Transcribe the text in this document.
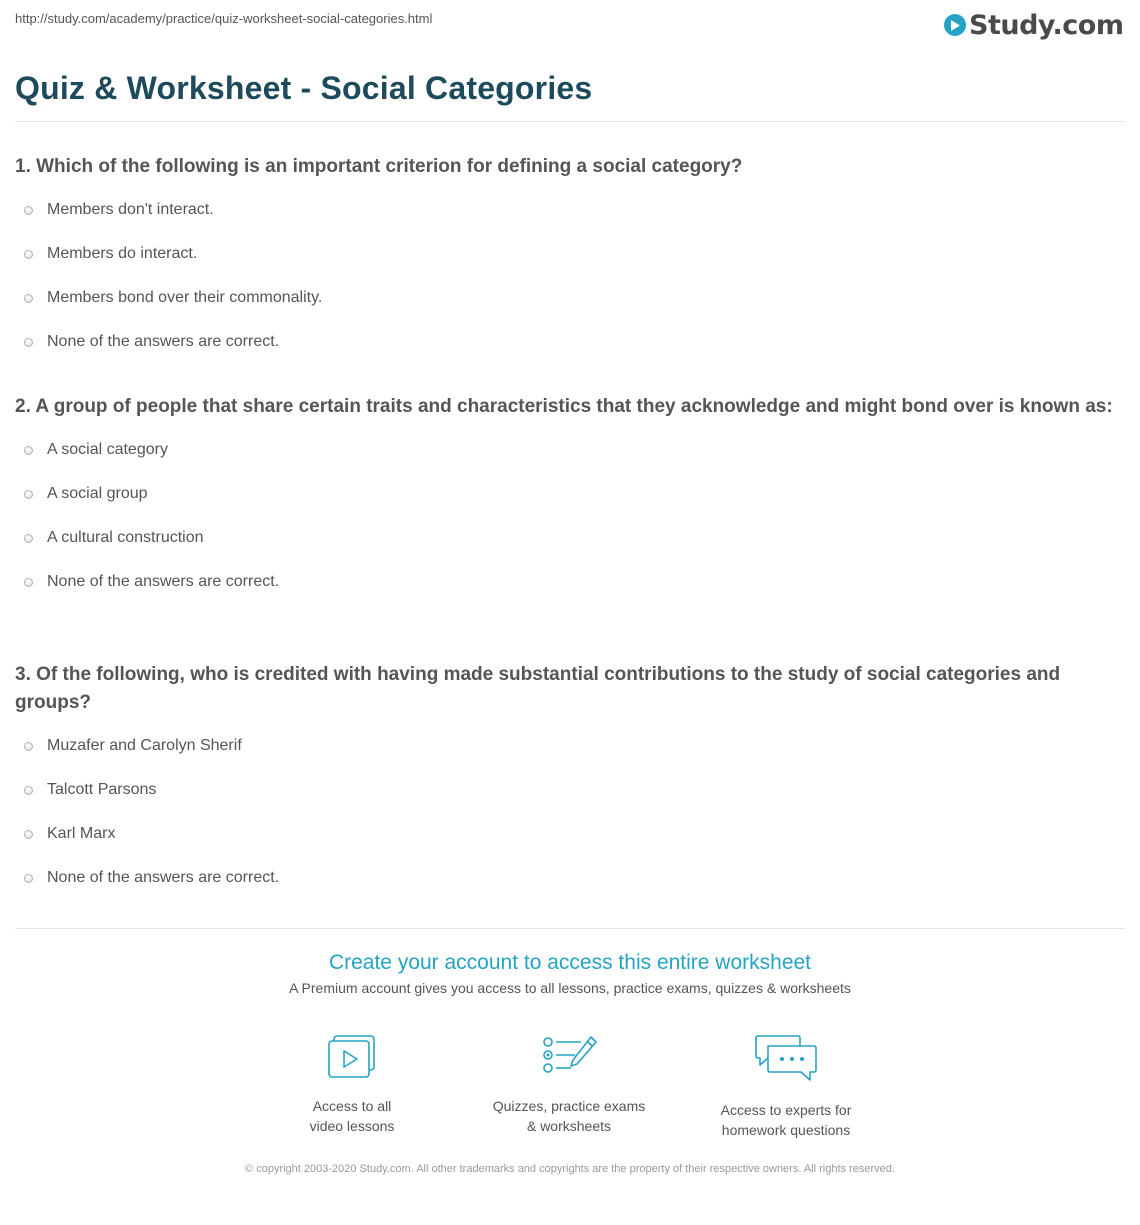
http://study.com/academy/practice/quiz-worksheet-social-categories.html	Study.com
Quiz & Worksheet - Social Categories

1. Which of the following is an important criterion for defining a social category?

Members don't interact.
Members do interact.
Members bond over their commonality.
None of the answers are correct.

2. A group of people that share certain traits and characteristics that they acknowledge and might bond over is known as:

A social category
A social group
A cultural construction
None of the answers are correct.

3. Of the following, who is credited with having made substantial contributions to the study of social categories and groups?

Muzafer and Carolyn Sherif
Talcott Parsons
Karl Marx
None of the answers are correct.
Create your account to access this entire worksheet
A Premium account gives you access to all lessons, practice exams, quizzes & worksheets
Access to all
video lessons
Quizzes, practice exams
& worksheets
Access to experts for
homework questions
© copyright 2003-2020 Study.com. All other trademarks and copyrights are the property of their respective owners. All rights reserved.
